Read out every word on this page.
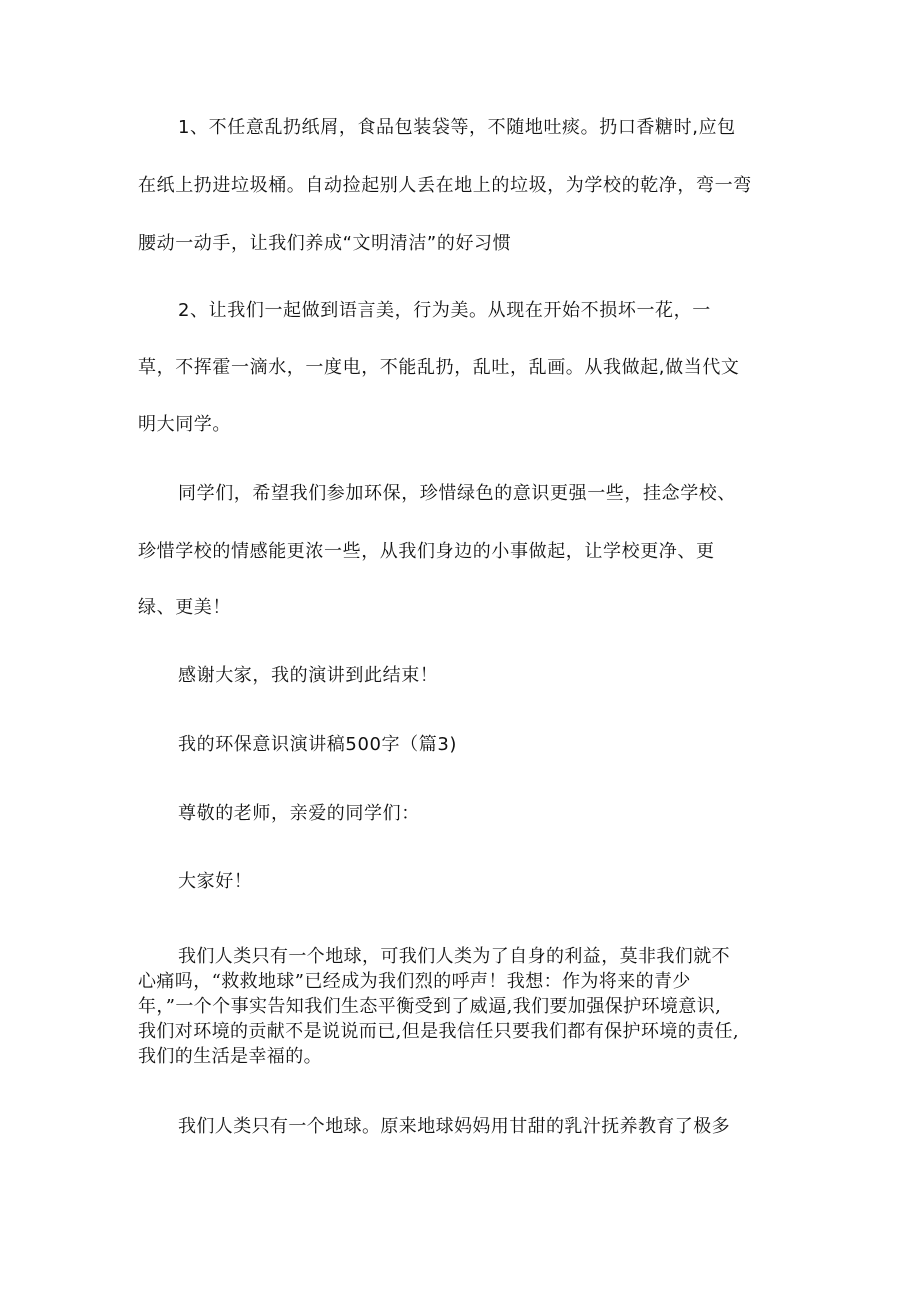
1、不任意乱扔纸屑，食品包装袋等，不随地吐痰。扔口香糖时,应包

在纸上扔进垃圾桶。自动捡起别人丢在地上的垃圾，为学校的乾净，弯一弯

腰动一动手，让我们养成“文明清洁”的好习惯

2、让我们一起做到语言美，行为美。从现在开始不损坏一花，一

草，不挥霍一滴水，一度电，不能乱扔，乱吐，乱画。从我做起,做当代文

明大同学。

同学们，希望我们参加环保，珍惜绿色的意识更强一些，挂念学校、

珍惜学校的情感能更浓一些，从我们身边的小事做起，让学校更净、更

绿、更美！

感谢大家，我的演讲到此结束！

我的环保意识演讲稿500字（篇3)

尊敬的老师，亲爱的同学们：

大家好！

我们人类只有一个地球，可我们人类为了自身的利益，莫非我们就不

心痛吗，“救救地球”已经成为我们烈的呼声！我想：作为将来的青少

年，”一个个事实告知我们生态平衡受到了威逼,我们要加强保护环境意识,

我们对环境的贡献不是说说而已,但是我信任只要我们都有保护环境的责任,

我们的生活是幸福的。

我们人类只有一个地球。原来地球妈妈用甘甜的乳汁抚养教育了极多
